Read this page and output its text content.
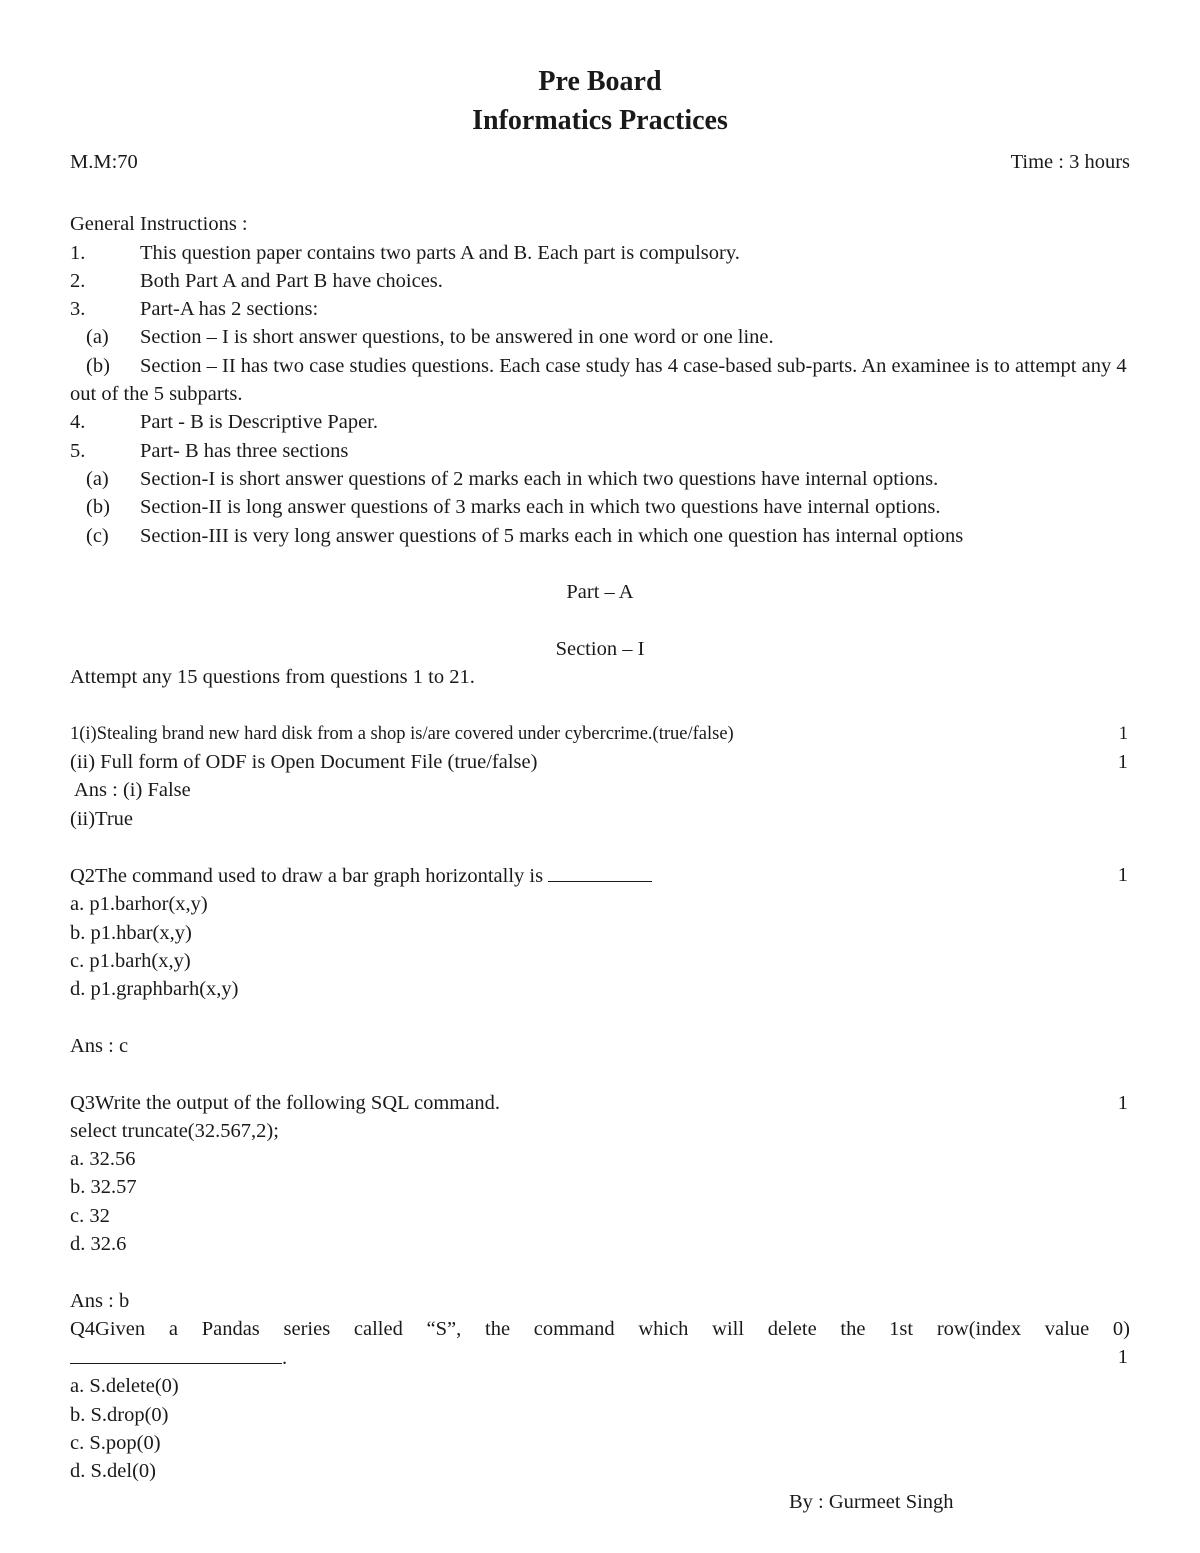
Pre Board
Informatics Practices
M.M:70	Time : 3 hours
General Instructions :
1.	This question paper contains two parts A and B. Each part is compulsory.
2.	Both Part A and Part B have choices.
3.	Part-A has 2 sections:
(a)	Section – I is short answer questions, to be answered in one word or one line.
(b) Section – II has two case studies questions. Each case study has 4 case-based sub-parts. An examinee is to attempt any 4 out of the 5 subparts.
4.	Part - B is Descriptive Paper.
5.	Part- B has three sections
(a)	Section-I is short answer questions of 2 marks each in which two questions have internal options.
(b)	Section-II is long answer questions of 3 marks each in which two questions have internal options.
(c)	Section-III is very long answer questions of 5 marks each in which one question has internal options
Part – A
Section – I
Attempt any 15 questions from questions 1 to 21.
1(i)Stealing brand new hard disk from a shop is/are covered under cybercrime.(true/false)	1
(ii) Full form of ODF is Open Document File (true/false)	1
Ans : (i) False
(ii)True
Q2The command used to draw a bar graph horizontally is	1
a. p1.barhor(x,y)
b. p1.hbar(x,y)
c. p1.barh(x,y)
d. p1.graphbarh(x,y)
Ans : c
Q3Write the output of the following SQL command.	1
select truncate(32.567,2);
a. 32.56
b. 32.57
c. 32
d. 32.6
Ans : b
Q4Given a Pandas series called “S”, the command which will delete the 1st row(index value 0)
.	1
a. S.delete(0)
b. S.drop(0)
c. S.pop(0)
d. S.del(0)
By : Gurmeet Singh
